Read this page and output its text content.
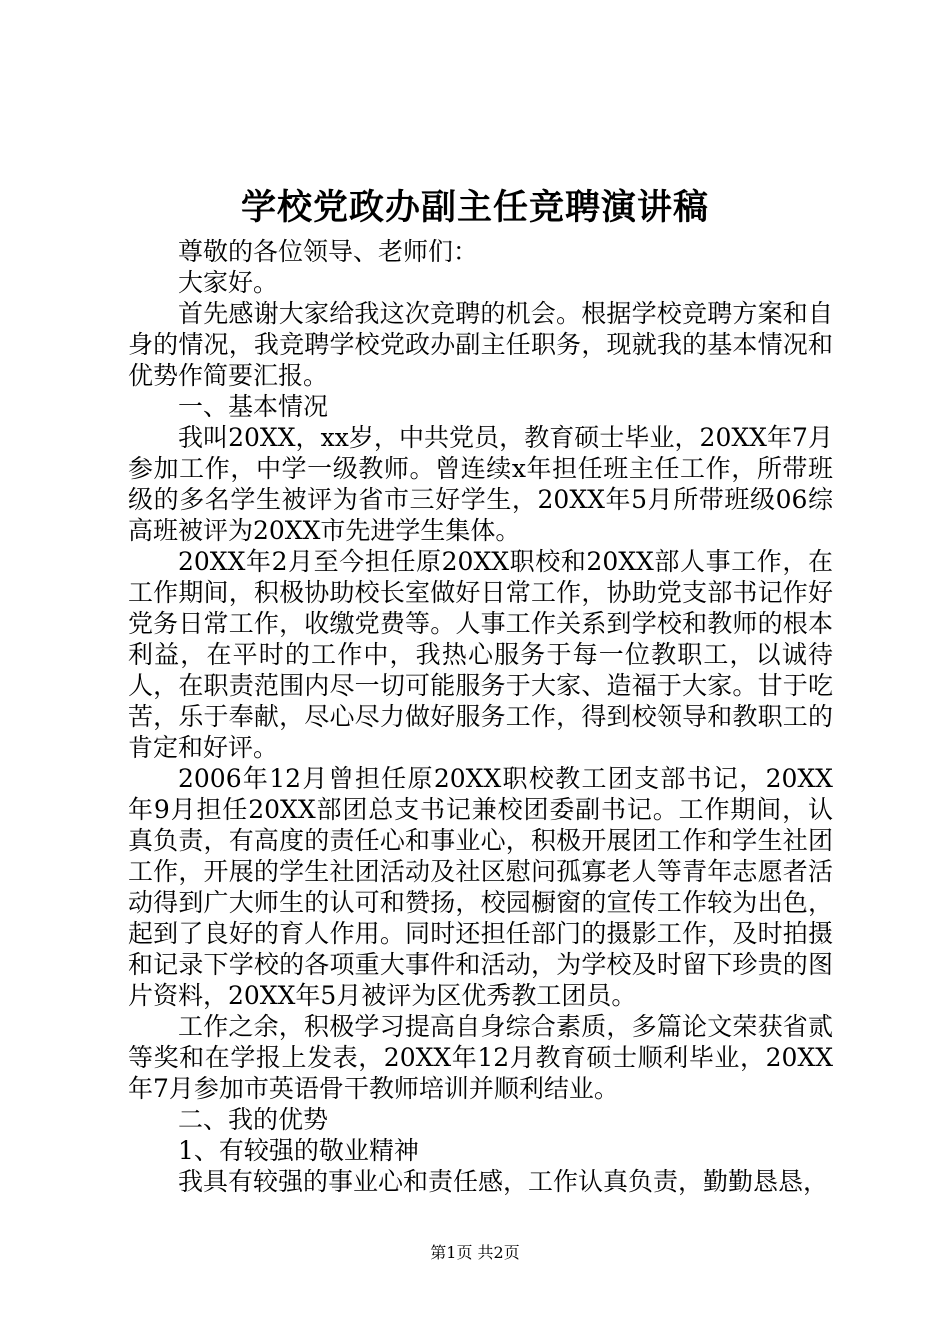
学校党政办副主任竞聘演讲稿

尊敬的各位领导、老师们：

大家好。

首先感谢大家给我这次竞聘的机会。根据学校竞聘方案和自身的情况，我竞聘学校党政办副主任职务，现就我的基本情况和优势作简要汇报。

一、基本情况

我叫20XX，xx岁，中共党员，教育硕士毕业，20XX年7月参加工作，中学一级教师。曾连续x年担任班主任工作，所带班级的多名学生被评为省市三好学生，20XX年5月所带班级06综高班被评为20XX市先进学生集体。

20XX年2月至今担任原20XX职校和20XX部人事工作，在工作期间，积极协助校长室做好日常工作，协助党支部书记作好党务日常工作，收缴党费等。人事工作关系到学校和教师的根本利益，在平时的工作中，我热心服务于每一位教职工，以诚待人，在职责范围内尽一切可能服务于大家、造福于大家。甘于吃苦，乐于奉献，尽心尽力做好服务工作，得到校领导和教职工的肯定和好评。

2006年12月曾担任原20XX职校教工团支部书记，20XX年9月担任20XX部团总支书记兼校团委副书记。工作期间，认真负责，有高度的责任心和事业心，积极开展团工作和学生社团工作，开展的学生社团活动及社区慰问孤寡老人等青年志愿者活动得到广大师生的认可和赞扬，校园橱窗的宣传工作较为出色，起到了良好的育人作用。同时还担任部门的摄影工作，及时拍摄和记录下学校的各项重大事件和活动，为学校及时留下珍贵的图片资料，20XX年5月被评为区优秀教工团员。

工作之余，积极学习提高自身综合素质，多篇论文荣获省贰等奖和在学报上发表，20XX年12月教育硕士顺利毕业，20XX年7月参加市英语骨干教师培训并顺利结业。

二、我的优势

1、有较强的敬业精神

我具有较强的事业心和责任感，工作认真负责，勤勤恳恳，

第1页 共2页
